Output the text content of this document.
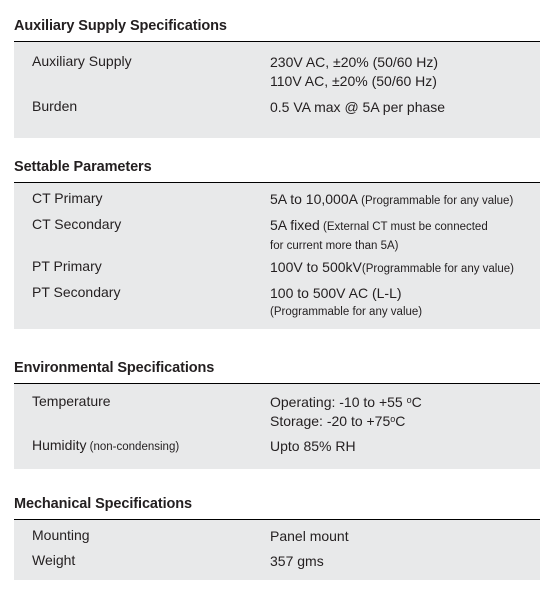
Auxiliary Supply Specifications
Auxiliary Supply	230V AC, ±20% (50/60 Hz)
110V AC, ±20% (50/60 Hz)
Burden	0.5 VA max @ 5A per phase
Settable Parameters
CT Primary	5A to 10,000A (Programmable for any value)
CT Secondary	5A fixed (External CT must be connected
for current more than 5A)
PT Primary	100V to 500kV(Programmable for any value)
PT Secondary	100 to 500V AC (L-L)
(Programmable for any value)
Environmental Specifications
Temperature	Operating: -10 to +55 $^o$C
Storage: -20 to $+75^oC$
Humidity (non-condensing)	Upto 85% RH
Mechanical Specifications
Mounting	Panel mount
Weight	357 gms
